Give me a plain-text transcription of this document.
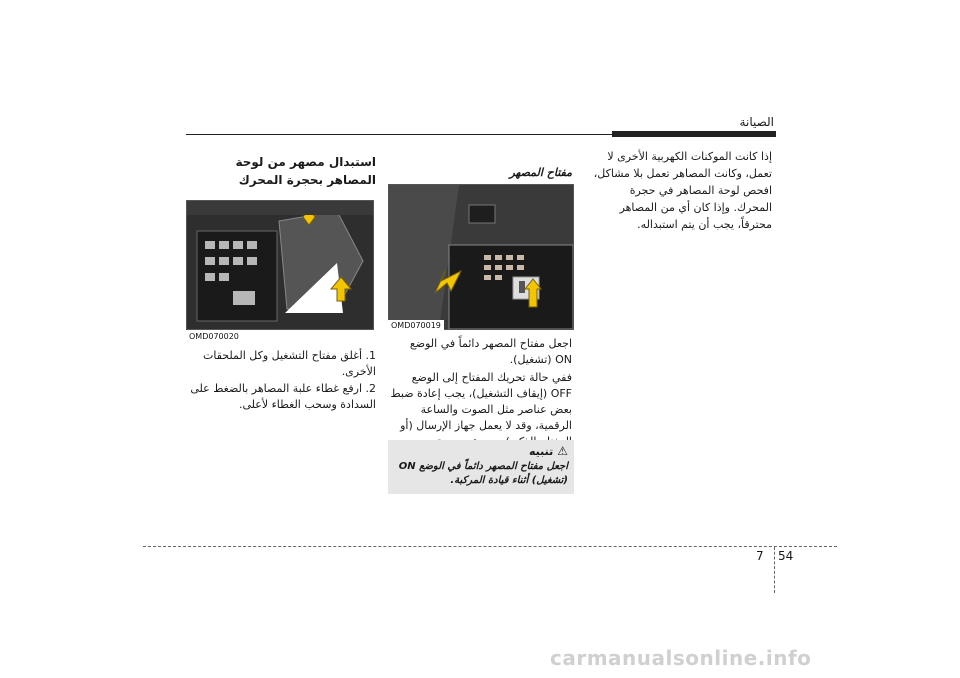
الصيانة

إذا كانت الموكنات الكهربية الأخرى لا تعمل، وكانت المصاهر تعمل بلا مشاكل، افحص لوحة المصاهر في حجرة المحرك. وإذا كان أي من المصاهر محترقاً، يجب أن يتم استبداله.

مفتاح المصهر
OMD070019

اجعل مفتاح المصهر دائماً في الوضع ON (تشغيل).

ففي حالة تحريك المفتاح إلى الوضع OFF (إيقاف التشغيل)، يجب إعادة ضبط بعض عناصر مثل الصوت والساعة الرقمية، وقد لا يعمل جهاز الإرسال (أو

⚠تنبيه
اجعل مفتاح المصهر دائماً في الوضع ON (تشغيل) أثناء قيادة المركبة.
استبدال مصهر من لوحة المصاهر بحجرة المحرك
OMD070020
1. أغلق مفتاح التشغيل وكل الملحقات الأخرى.
2. ارفع غطاء علبة المصاهر بالضغط على السدادة وسحب الغطاء لأعلى.
7 54
carmanualsonline.info
